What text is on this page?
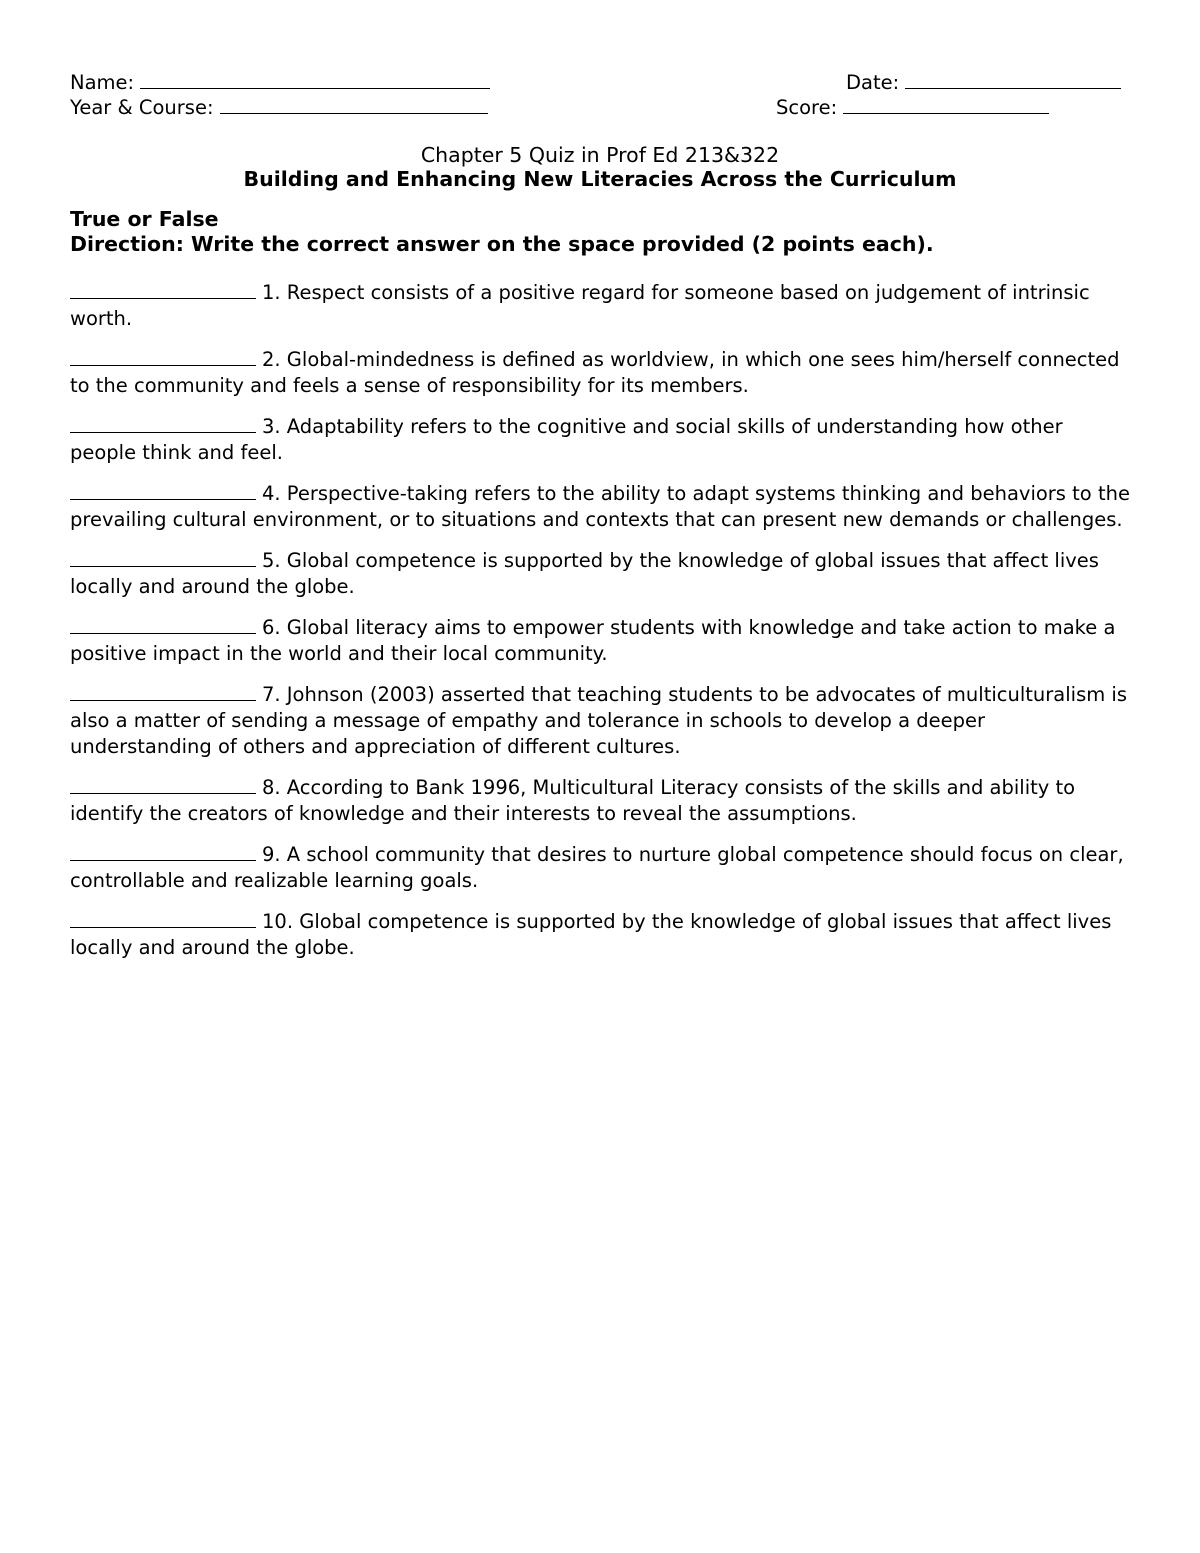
Name:	Date:
Year & Course:	Score:
Chapter 5 Quiz in Prof Ed 213&322
Building and Enhancing New Literacies Across the Curriculum
True or False
Direction: Write the correct answer on the space provided (2 points each).
1. Respect consists of a positive regard for someone based on judgement of intrinsic worth.
2. Global-mindedness is defined as worldview, in which one sees him/herself connected to the community and feels a sense of responsibility for its members.
3. Adaptability refers to the cognitive and social skills of understanding how other people think and feel.
4. Perspective-taking refers to the ability to adapt systems thinking and behaviors to the prevailing cultural environment, or to situations and contexts that can present new demands or challenges.
5. Global competence is supported by the knowledge of global issues that affect lives locally and around the globe.
6. Global literacy aims to empower students with knowledge and take action to make a positive impact in the world and their local community.
7. Johnson (2003) asserted that teaching students to be advocates of multiculturalism is also a matter of sending a message of empathy and tolerance in schools to develop a deeper understanding of others and appreciation of different cultures.
8. According to Bank 1996, Multicultural Literacy consists of the skills and ability to identify the creators of knowledge and their interests to reveal the assumptions.
9. A school community that desires to nurture global competence should focus on clear, controllable and realizable learning goals.
10. Global competence is supported by the knowledge of global issues that affect lives locally and around the globe.
